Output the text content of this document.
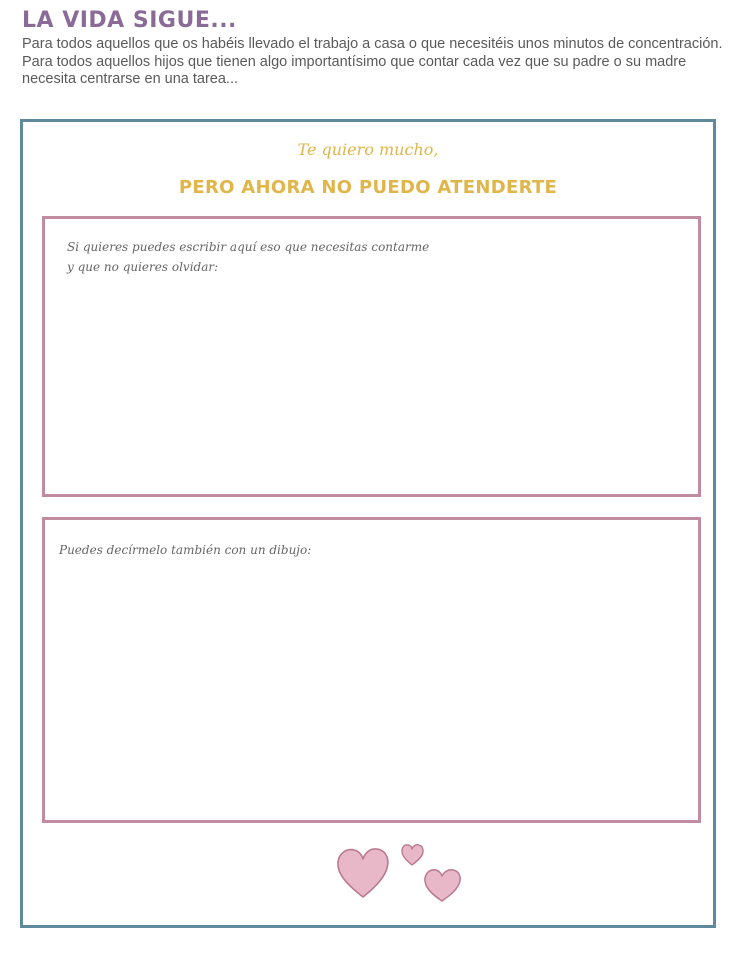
LA VIDA SIGUE...
Para todos aquellos que os habéis llevado el trabajo a casa o que necesitéis unos minutos de concentración. Para todos aquellos hijos que tienen algo importantísimo que contar cada vez que su padre o su madre necesita centrarse en una tarea...
Te quiero mucho,
PERO AHORA NO PUEDO ATENDERTE
Si quieres puedes escribir aquí eso que necesitas contarme
y que no quieres olvidar:
Puedes decírmelo también con un dibujo:
